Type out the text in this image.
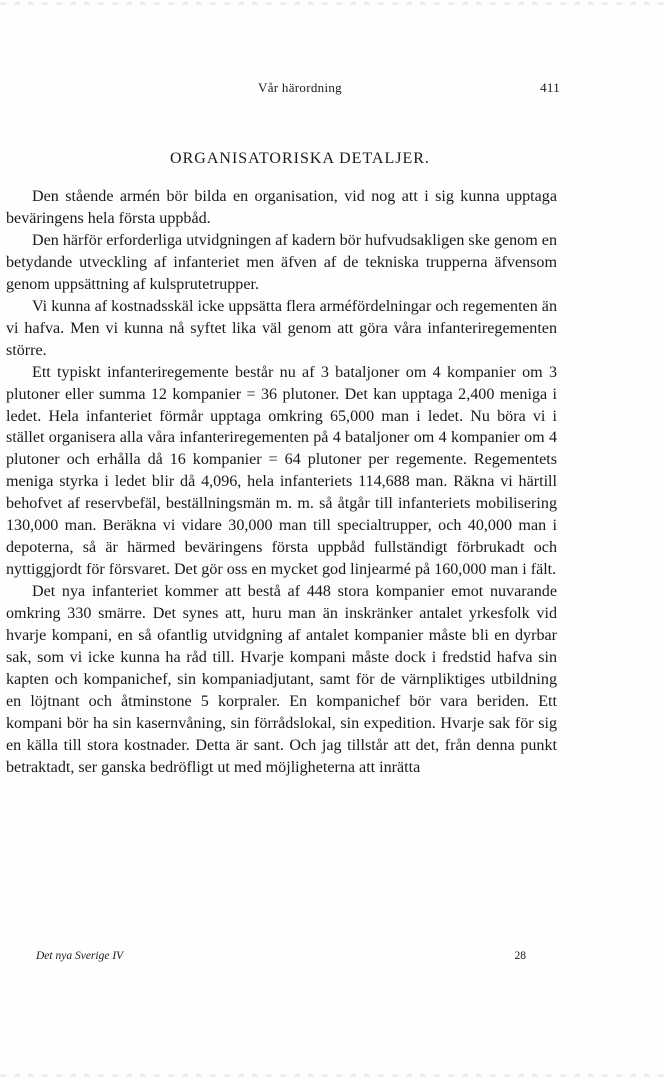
Vår härordning	411
ORGANISATORISKA DETALJER.

Den stående armén bör bilda en organisation, vid nog att i sig kunna upptaga beväringens hela första uppbåd.

Den härför erforderliga utvidgningen af kadern bör hufvudsakligen ske genom en betydande utveckling af infanteriet men äfven af de tekniska trupperna äfvensom genom uppsättning af kulsprutetrupper.

Vi kunna af kostnadsskäl icke uppsätta flera arméfördelningar och regementen än vi hafva. Men vi kunna nå syftet lika väl genom att göra våra infanteriregementen större.

Ett typiskt infanteriregemente består nu af 3 bataljoner om 4 kompanier om 3 plutoner eller summa 12 kompanier = 36 plutoner. Det kan upptaga 2,400 meniga i ledet. Hela infanteriet förmår upptaga omkring 65,000 man i ledet. Nu böra vi i stället organisera alla våra infanteriregementen på 4 bataljoner om 4 kompanier om 4 plutoner och erhålla då 16 kompanier = 64 plutoner per regemente. Regementets meniga styrka i ledet blir då 4,096, hela infanteriets 114,688 man. Räkna vi härtill behofvet af reservbefäl, beställningsmän m. m. så åtgår till infanteriets mobilisering 130,000 man. Beräkna vi vidare 30,000 man till specialtrupper, och 40,000 man i depoterna, så är härmed beväringens första uppbåd fullständigt förbrukadt och nyttiggjordt för försvaret. Det gör oss en mycket god linjearmé på 160,000 man i fält.

Det nya infanteriet kommer att bestå af 448 stora kompanier emot nuvarande omkring 330 smärre. Det synes att, huru man än inskränker antalet yrkesfolk vid hvarje kompani, en så ofantlig utvidgning af antalet kompanier måste bli en dyrbar sak, som vi icke kunna ha råd till. Hvarje kompani måste dock i fredstid hafva sin kapten och kompanichef, sin kompaniadjutant, samt för de värnpliktiges utbildning en löjtnant och åtminstone 5 korpraler. En kompanichef bör vara beriden. Ett kompani bör ha sin kasernvåning, sin förrådslokal, sin expedition. Hvarje sak för sig en källa till stora kostnader. Detta är sant. Och jag tillstår att det, från denna punkt betraktadt, ser ganska bedröfligt ut med möjligheterna att inrätta

Det nya Sverige IV	28
